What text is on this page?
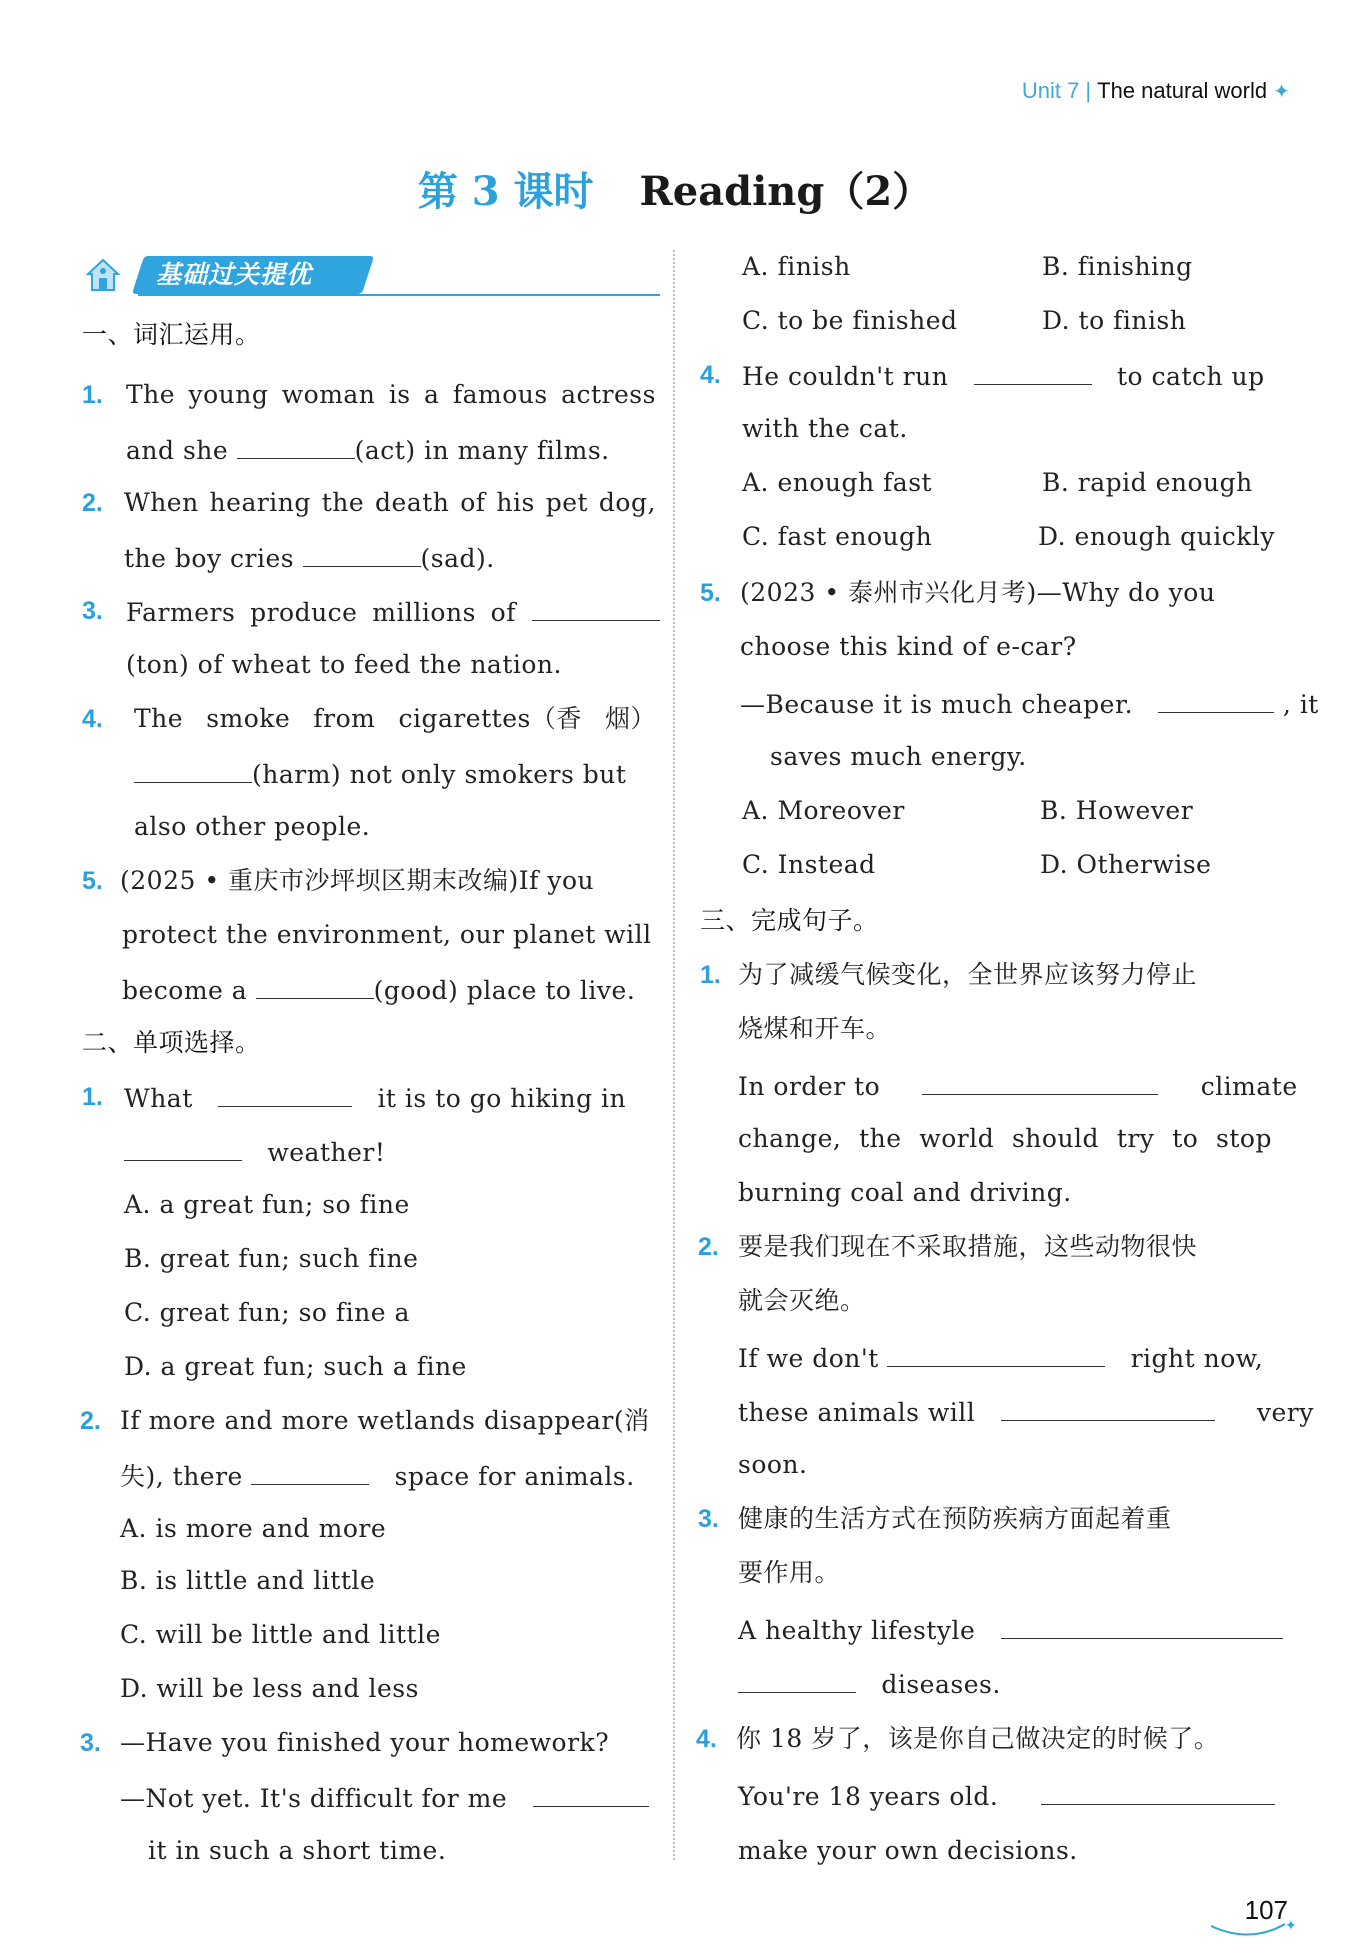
Unit 7 | The natural world ✦
第 3 课时 Reading（2）
基础过关提优
一、词汇运用。
1. The young woman is a famous actress
and she	(act) in many films.
2. When hearing the death of his pet dog,
the boy cries	(sad).
3. Farmers produce millions of

(ton) of wheat to feed the nation.
4. The smoke from cigarettes（香 烟）
(harm) not only smokers but
also other people.
5. (2025 • 重庆市沙坪坝区期末改编)If you
protect the environment, our planet will
become a	(good) place to live.
二、单项选择。
1. What	it is to go hiking in
weather!
A. a great fun; so fine
B. great fun; such fine
C. great fun; so fine a
D. a great fun; such a fine
2. If more and more wetlands disappear(消
失), there	space for animals.
A. is more and more
B. is little and little
C. will be little and little
D. will be less and less
3. —Have you finished your homework?
—Not yet. It's difficult for me
it in such a short time.
A. finish	B. finishing
C. to be finished	D. to finish
4. He couldn't run	to catch up
with the cat.
A. enough fast	B. rapid enough
C. fast enough	D. enough quickly
5. (2023 • 泰州市兴化月考)—Why do you
choose this kind of e-car?
—Because it is much cheaper.	, it
saves much energy.
A. Moreover	B. However
C. Instead	D. Otherwise
三、完成句子。
1. 为了减缓气候变化，全世界应该努力停止
烧煤和开车。
In order to	climate
change, the world should try to stop
burning coal and driving.
2. 要是我们现在不采取措施，这些动物很快
就会灭绝。
If we don't	right now,
these animals will	very
soon.
3. 健康的生活方式在预防疾病方面起着重
要作用。
A healthy lifestyle
diseases.
4. 你 18 岁了，该是你自己做决定的时候了。
You're 18 years old.
make your own decisions.
✦
107
